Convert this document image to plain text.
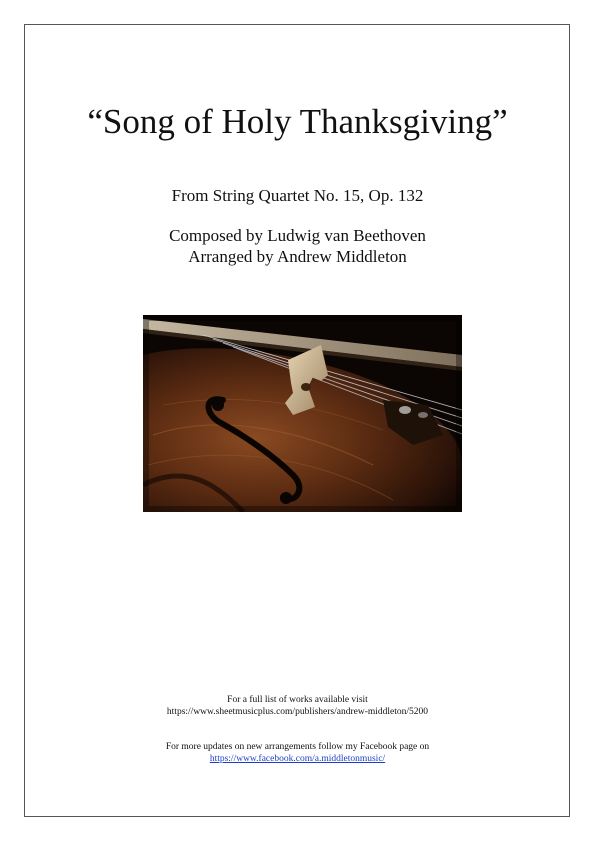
“Song of Holy Thanksgiving”
From String Quartet No. 15, Op. 132
Composed by Ludwig van Beethoven
Arranged by Andrew Middleton
For a full list of works available visit
https://www.sheetmusicplus.com/publishers/andrew-middleton/5200
For more updates on new arrangements follow my Facebook page on
https://www.facebook.com/a.middletonmusic/
